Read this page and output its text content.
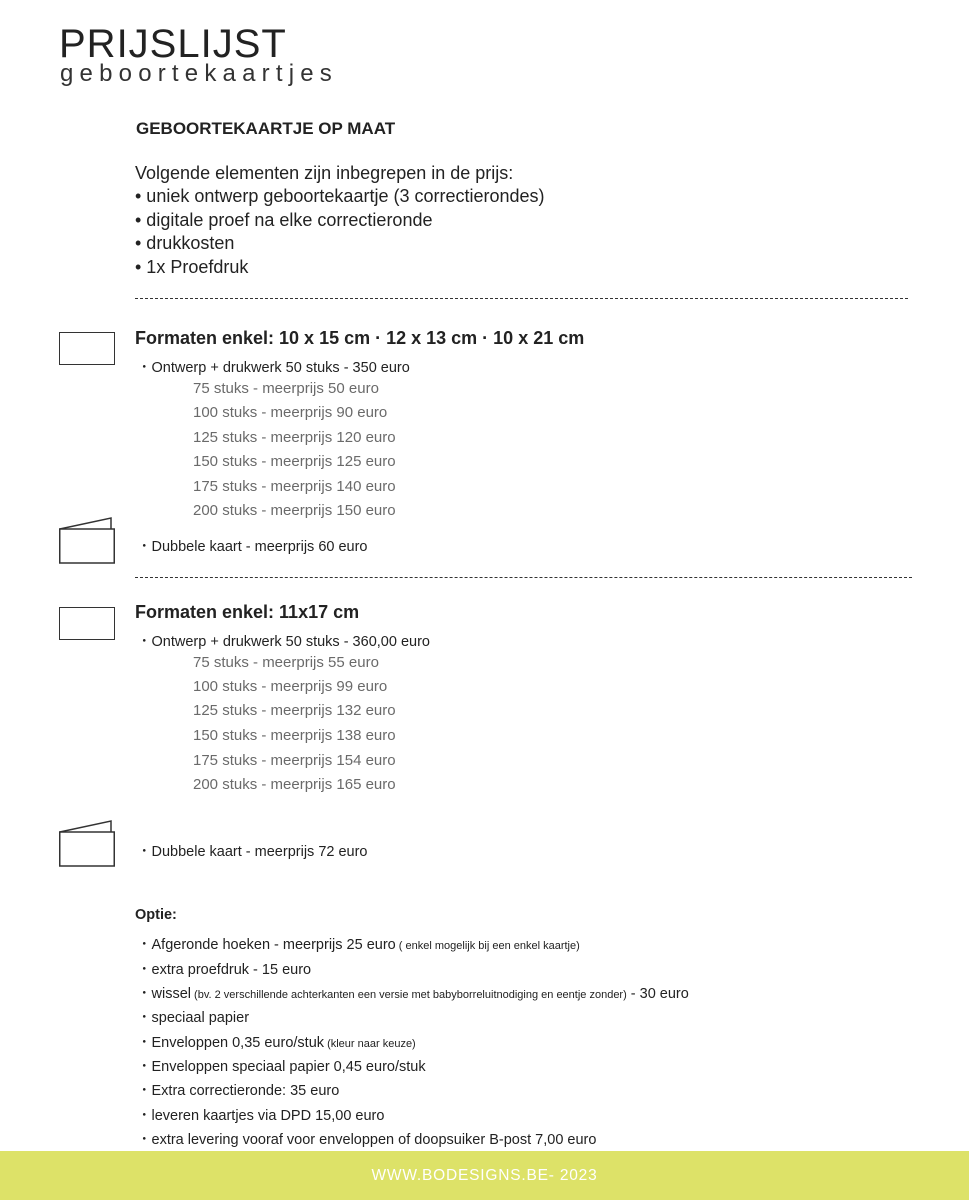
PRIJSLIJST
geboortekaartjes
GEBOORTEKAARTJE OP MAAT
Volgende elementen zijn inbegrepen in de prijs:
• uniek ontwerp geboortekaartje (3 correctierondes)
• digitale proef na elke correctieronde
• drukkosten
• 1x Proefdruk
Formaten enkel: 10 x 15 cm · 12 x 13 cm · 10 x 21 cm
・Ontwerp + drukwerk 50 stuks - 350 euro
75 stuks - meerprijs 50 euro
100 stuks - meerprijs 90 euro
125 stuks - meerprijs 120 euro
150 stuks - meerprijs 125 euro
175 stuks - meerprijs 140 euro
200 stuks - meerprijs 150 euro
・Dubbele kaart - meerprijs 60 euro
Formaten enkel: 11x17 cm
・Ontwerp + drukwerk 50 stuks - 360,00 euro
75 stuks - meerprijs 55 euro
100 stuks - meerprijs 99 euro
125 stuks - meerprijs 132 euro
150 stuks - meerprijs 138 euro
175 stuks - meerprijs 154 euro
200 stuks - meerprijs 165 euro
・Dubbele kaart - meerprijs 72 euro
Optie:
・Afgeronde hoeken - meerprijs 25 euro ( enkel mogelijk bij een enkel kaartje)
・extra proefdruk - 15 euro
・wissel (bv. 2 verschillende achterkanten een versie met babyborreluitnodiging en eentje zonder) - 30 euro
・speciaal papier
・Enveloppen 0,35 euro/stuk (kleur naar keuze)
・Enveloppen speciaal papier 0,45 euro/stuk
・Extra correctieronde: 35 euro
・leveren kaartjes via DPD 15,00 euro
・extra levering vooraf voor enveloppen of doopsuiker B-post 7,00 euro
WWW.BODESIGNS.BE- 2023
